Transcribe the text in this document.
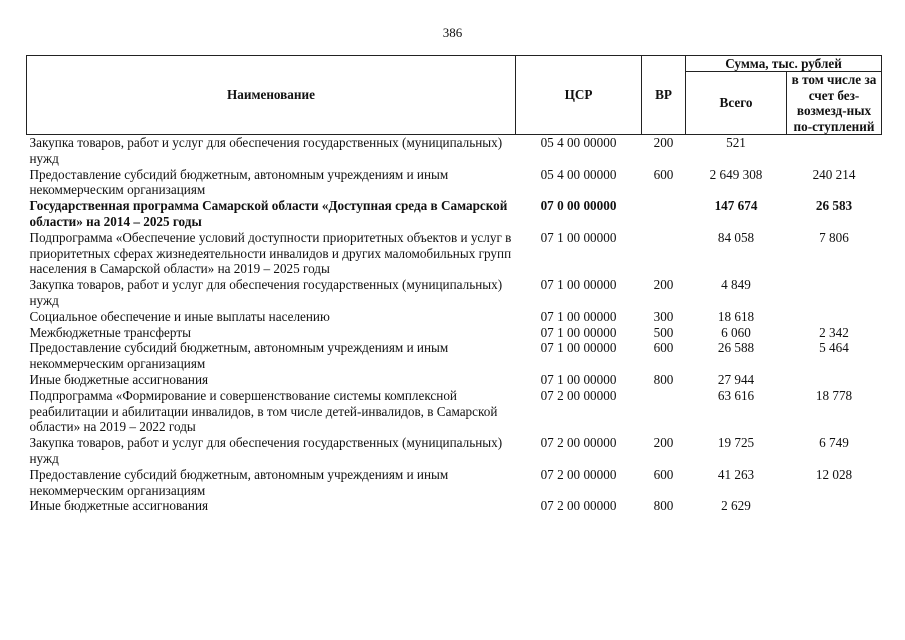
386
Наименование	ЦСР	ВР	Сумма, тыс. рублей	
			Всего	в том числе за счет без-возмезд-ных по-ступлений
Закупка товаров, работ и услуг для обеспечения государственных (муниципальных) нужд	05 4 00 00000	200	521	
Предоставление субсидий бюджетным, автономным учреждениям и иным некоммерческим организациям	05 4 00 00000	600	2 649 308	240 214
Государственная программа Самарской области «Доступная среда в Самарской области» на 2014 – 2025 годы	07 0 00 00000		147 674	26 583
Подпрограмма «Обеспечение условий доступности приоритетных объектов и услуг в приоритетных сферах жизнедеятельности инвалидов и других маломобильных групп населения в Самарской области» на 2019 – 2025 годы	07 1 00 00000		84 058	7 806
Закупка товаров, работ и услуг для обеспечения государственных (муниципальных) нужд	07 1 00 00000	200	4 849	
Социальное обеспечение и иные выплаты населению	07 1 00 00000	300	18 618	
Межбюджетные трансферты	07 1 00 00000	500	6 060	2 342
Предоставление субсидий бюджетным, автономным учреждениям и иным некоммерческим организациям	07 1 00 00000	600	26 588	5 464
Иные бюджетные ассигнования	07 1 00 00000	800	27 944	
Подпрограмма «Формирование и совершенствование системы комплексной реабилитации и абилитации инвалидов, в том числе детей-инвалидов, в Самарской области» на 2019 – 2022 годы	07 2 00 00000		63 616	18 778
Закупка товаров, работ и услуг для обеспечения государственных (муниципальных) нужд	07 2 00 00000	200	19 725	6 749
Предоставление субсидий бюджетным, автономным учреждениям и иным некоммерческим организациям	07 2 00 00000	600	41 263	12 028
Иные бюджетные ассигнования	07 2 00 00000	800	2 629	
